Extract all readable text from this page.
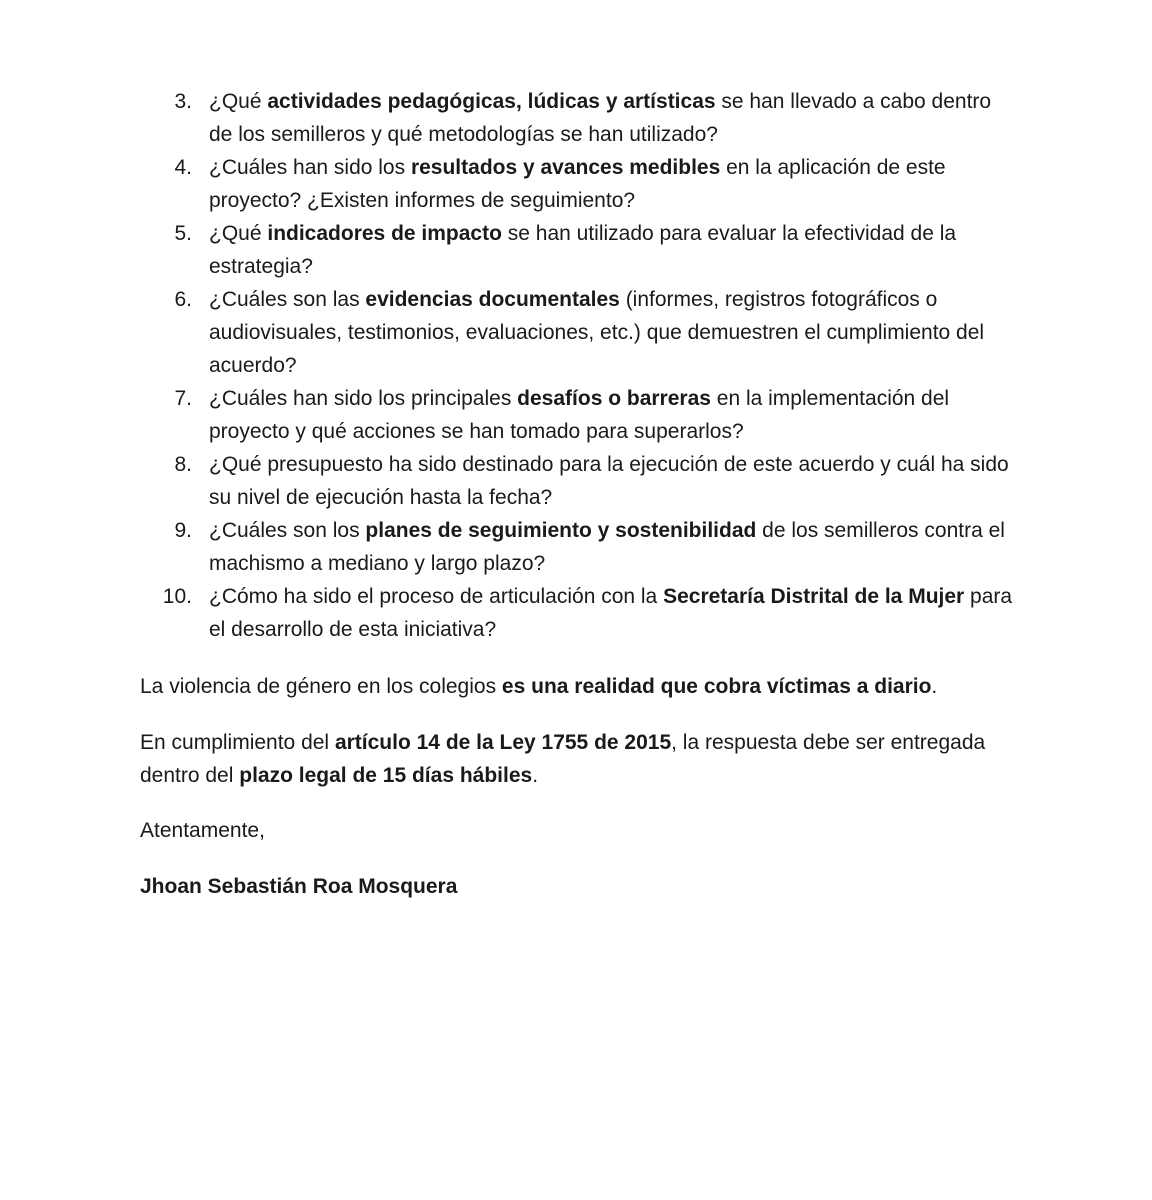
3. ¿Qué actividades pedagógicas, lúdicas y artísticas se han llevado a cabo dentro de los semilleros y qué metodologías se han utilizado?
4. ¿Cuáles han sido los resultados y avances medibles en la aplicación de este proyecto? ¿Existen informes de seguimiento?
5. ¿Qué indicadores de impacto se han utilizado para evaluar la efectividad de la estrategia?
6. ¿Cuáles son las evidencias documentales (informes, registros fotográficos o audiovisuales, testimonios, evaluaciones, etc.) que demuestren el cumplimiento del acuerdo?
7. ¿Cuáles han sido los principales desafíos o barreras en la implementación del proyecto y qué acciones se han tomado para superarlos?
8. ¿Qué presupuesto ha sido destinado para la ejecución de este acuerdo y cuál ha sido su nivel de ejecución hasta la fecha?
9. ¿Cuáles son los planes de seguimiento y sostenibilidad de los semilleros contra el machismo a mediano y largo plazo?
10. ¿Cómo ha sido el proceso de articulación con la Secretaría Distrital de la Mujer para el desarrollo de esta iniciativa?

La violencia de género en los colegios es una realidad que cobra víctimas a diario.

En cumplimiento del artículo 14 de la Ley 1755 de 2015, la respuesta debe ser entregada dentro del plazo legal de 15 días hábiles.

Atentamente,

Jhoan Sebastián Roa Mosquera
